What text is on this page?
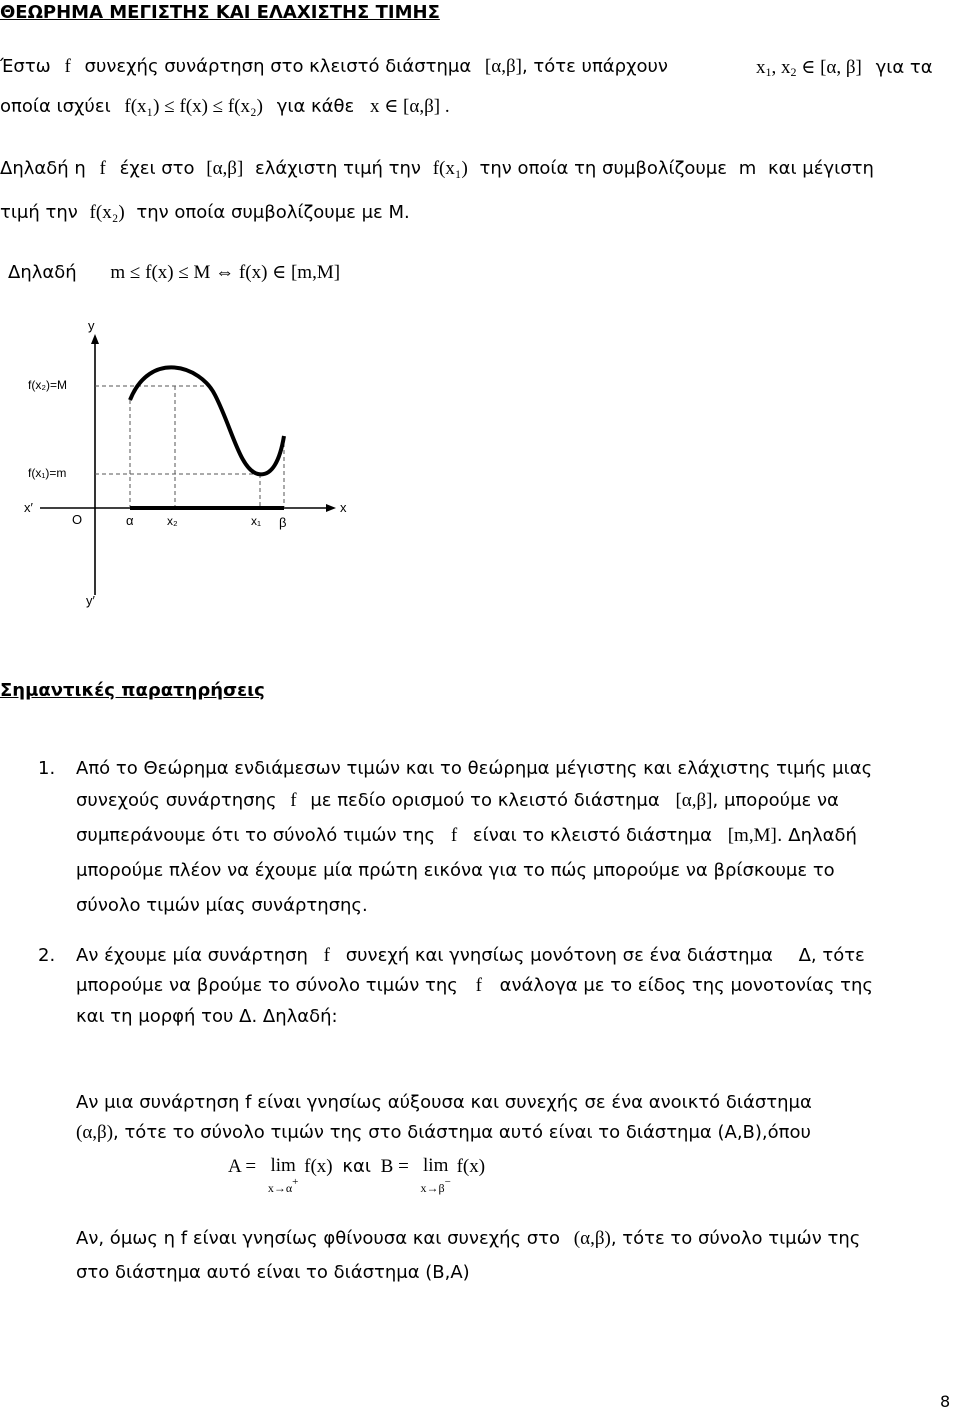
ΘΕΩΡΗΜΑ ΜΕΓΙΣΤΗΣ ΚΑΙ ΕΛΑΧΙΣΤΗΣ ΤΙΜΗΣ
Έστω f συνεχής συνάρτηση στο κλειστό διάστημα [α,β], τότε υπάρχουν	$x_1$, $x_2$ ∈ [α, β] για τα
οποία ισχύει f(x₁) ≤ f(x) ≤ f(x₂) για κάθε x ∈ [α,β] .
Δηλαδή η f έχει στο [α,β] ελάχιστη τιμή την f(x₁) την οποία τη συμβολίζουμε m και μέγιστη
τιμή την f(x₂) την οποία συμβολίζουμε με Μ.
Δηλαδή m ≤ f(x) ≤ M ⇔ f(x) ∈ [m,M]
y
y′
x
x′
O
f(x₂)=M
f(x₁)=m
α	x₂	x₁ β
Σημαντικές παρατηρήσεις
1. Από το Θεώρημα ενδιάμεσων τιμών και το θεώρημα μέγιστης και ελάχιστης τιμής μιας
συνεχούς συνάρτησης f με πεδίο ορισμού το κλειστό διάστημα [α,β], μπορούμε να
συμπεράνουμε ότι το σύνολό τιμών της f είναι το κλειστό διάστημα [m,M]. Δηλαδή
μπορούμε πλέον να έχουμε μία πρώτη εικόνα για το πώς μπορούμε να βρίσκουμε το
σύνολο τιμών μίας συνάρτησης.
2. Αν έχουμε μία συνάρτηση f συνεχή και γνησίως μονότονη σε ένα διάστημα Δ, τότε
μπορούμε να βρούμε το σύνολο τιμών της f ανάλογα με το είδος της μονοτονίας της
και τη μορφή του Δ. Δηλαδή:
Αν μια συνάρτηση f είναι γνησίως αύξουσα και συνεχής σε ένα ανοικτό διάστημα
(α,β), τότε το σύνολο τιμών της στο διάστημα αυτό είναι το διάστημα (A,B),όπου
A = lim
x→α+
f(x) και B = lim
x→β−
f(x)
Αν, όμως η f είναι γνησίως φθίνουσα και συνεχής στο (α,β), τότε το σύνολο τιμών της
στο διάστημα αυτό είναι το διάστημα (B,A)
8
